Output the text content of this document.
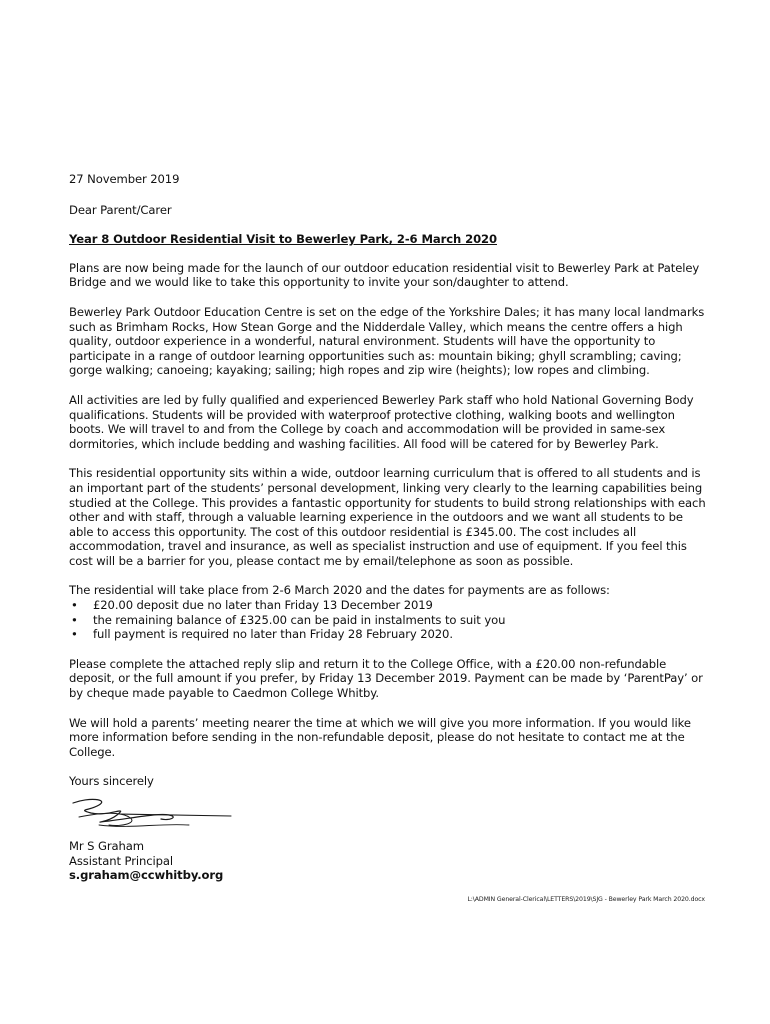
27 November 2019

Dear Parent/Carer

Year 8 Outdoor Residential Visit to Bewerley Park, 2-6 March 2020

Plans are now being made for the launch of our outdoor education residential visit to Bewerley Park at Pateley Bridge and we would like to take this opportunity to invite your son/daughter to attend.

Bewerley Park Outdoor Education Centre is set on the edge of the Yorkshire Dales; it has many local landmarks such as Brimham Rocks, How Stean Gorge and the Nidderdale Valley, which means the centre offers a high quality, outdoor experience in a wonderful, natural environment. Students will have the opportunity to participate in a range of outdoor learning opportunities such as: mountain biking; ghyll scrambling; caving; gorge walking; canoeing; kayaking; sailing; high ropes and zip wire (heights); low ropes and climbing.

All activities are led by fully qualified and experienced Bewerley Park staff who hold National Governing Body qualifications. Students will be provided with waterproof protective clothing, walking boots and wellington boots. We will travel to and from the College by coach and accommodation will be provided in same-sex dormitories, which include bedding and washing facilities. All food will be catered for by Bewerley Park.

This residential opportunity sits within a wide, outdoor learning curriculum that is offered to all students and is an important part of the students’ personal development, linking very clearly to the learning capabilities being studied at the College. This provides a fantastic opportunity for students to build strong relationships with each other and with staff, through a valuable learning experience in the outdoors and we want all students to be able to access this opportunity. The cost of this outdoor residential is £345.00. The cost includes all accommodation, travel and insurance, as well as specialist instruction and use of equipment. If you feel this cost will be a barrier for you, please contact me by email/telephone as soon as possible.

The residential will take place from 2-6 March 2020 and the dates for payments are as follows:

• £20.00 deposit due no later than Friday 13 December 2019
• the remaining balance of £325.00 can be paid in instalments to suit you
• full payment is required no later than Friday 28 February 2020.

Please complete the attached reply slip and return it to the College Office, with a £20.00 non-refundable deposit, or the full amount if you prefer, by Friday 13 December 2019. Payment can be made by ‘ParentPay’ or by cheque made payable to Caedmon College Whitby.

We will hold a parents’ meeting nearer the time at which we will give you more information. If you would like more information before sending in the non-refundable deposit, please do not hesitate to contact me at the College.

Yours sincerely

Mr S Graham

Assistant Principal

s.graham@ccwhitby.org

L:\ADMIN General-Clerical\LETTERS\2019\SJG - Bewerley Park March 2020.docx
